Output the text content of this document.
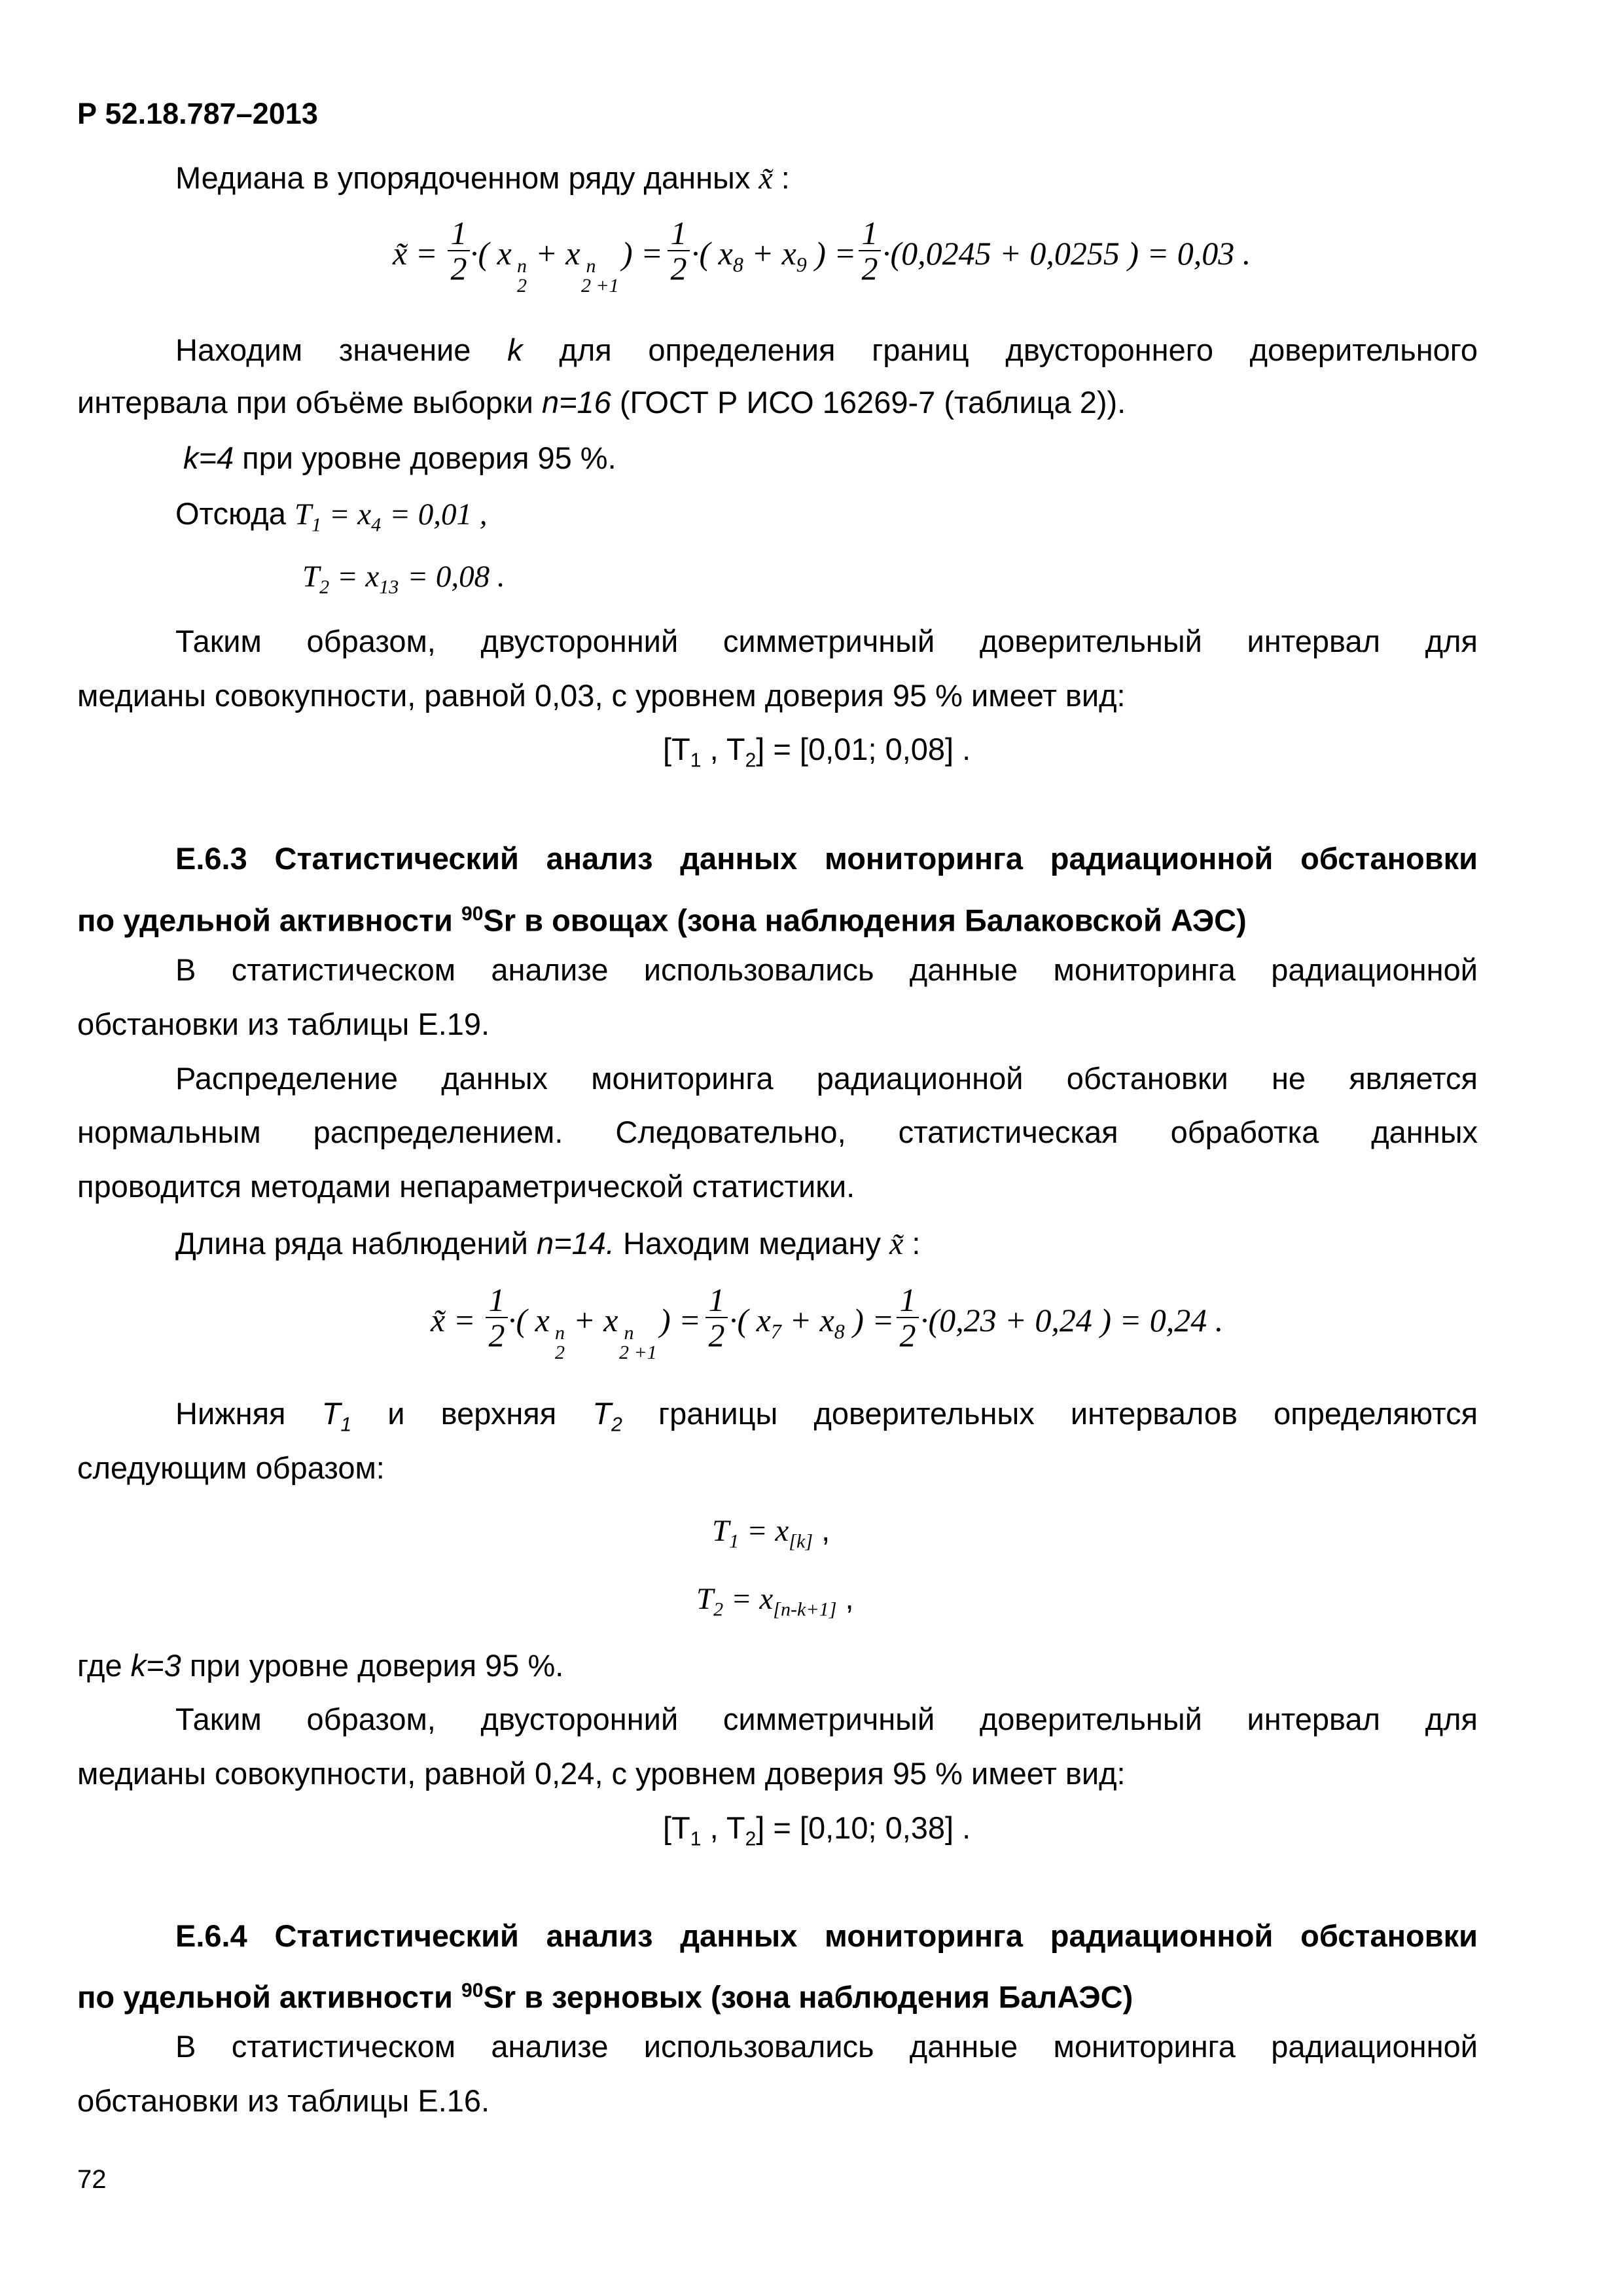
Р 52.18.787–2013
Медиана в упорядоченном ряду данных x̃ :
x̃ = $\frac{1}{2}$ ·( x n
2
+ x n
2 +1
) = $\frac{1}{2}$ ·( $x_8 + x_9$ ) = $\frac{1}{2} \cdot(0,0245 + 0,0255$ ) = 0,03 .
Находим значение k для определения границ двустороннего доверительного
интервала при объёме выборки n=16 (ГОСТ Р ИСО 16269-7 (таблица 2)).
k=4 при уровне доверия 95 %.
Отсюда $T_1 = x_4 = 0,01$ ,
$T_2 = x_{13} = 0,08$ .
Таким образом, двусторонний симметричный доверительный интервал для
медианы совокупности, равной 0,03, с уровнем доверия 95 % имеет вид:
[$T_1$ , $T_2] = [0,01$; 0,08] .
Е.6.3 Статистический анализ данных мониторинга радиационной обстановки
по удельной активности $^{90}$Sr в овощах (зона наблюдения Балаковской АЭС)
В статистическом анализе использовались данные мониторинга радиационной
обстановки из таблицы Е.19.
Распределение данных мониторинга радиационной обстановки не является
нормальным распределением. Следовательно, статистическая обработка данных
проводится методами непараметрической статистики.
Длина ряда наблюдений n=14. Находим медиану x̃ :
x̃ = $\frac{1}{2}$ ·( x n
2
+ x n
2 +1
) = $\frac{1}{2}$ ·( $x_7 + x_8$ ) = $\frac{1}{2} \cdot(0,23 + 0,24$ ) = 0,24 .
Нижняя $T_1$ и верхняя $T_2$ границы доверительных интервалов определяются
следующим образом:
$T_1 = x_{[k]}$ ,
$T_2 = x_{[n-k+1]}$ ,
где k=3 при уровне доверия 95 %.
Таким образом, двусторонний симметричный доверительный интервал для
медианы совокупности, равной 0,24, с уровнем доверия 95 % имеет вид:
[$T_1$ , $T_2] = [0,10$; 0,38] .
Е.6.4 Статистический анализ данных мониторинга радиационной обстановки
по удельной активности $^{90}$Sr в зерновых (зона наблюдения БалАЭС)
В статистическом анализе использовались данные мониторинга радиационной
обстановки из таблицы Е.16.
72
